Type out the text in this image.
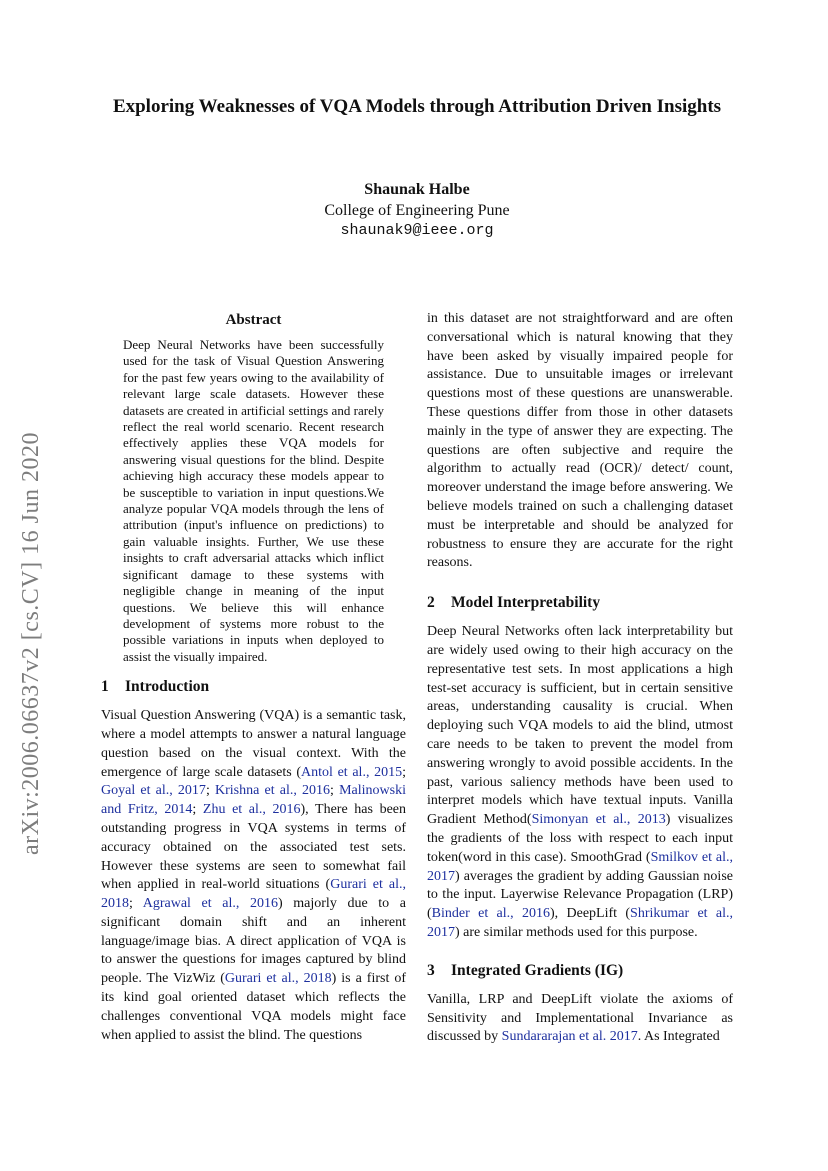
arXiv:2006.06637v2 [cs.CV] 16 Jun 2020
Exploring Weaknesses of VQA Models through Attribution Driven Insights
Shaunak Halbe
College of Engineering Pune
shaunak9@ieee.org
Abstract

Deep Neural Networks have been successfully used for the task of Visual Question Answering for the past few years owing to the availability of relevant large scale datasets. However these datasets are created in artificial settings and rarely reflect the real world scenario. Recent research effectively applies these VQA models for answering visual questions for the blind. Despite achieving high accuracy these models appear to be susceptible to variation in input questions.We analyze popular VQA models through the lens of attribution (input's influence on predictions) to gain valuable insights. Further, We use these insights to craft adversarial attacks which inflict significant damage to these systems with negligible change in meaning of the input questions. We believe this will enhance development of systems more robust to the possible variations in inputs when deployed to assist the visually impaired.

1 Introduction

Visual Question Answering (VQA) is a semantic task, where a model attempts to answer a natural language question based on the visual context. With the emergence of large scale datasets (Antol et al., 2015; Goyal et al., 2017; Krishna et al., 2016; Malinowski and Fritz, 2014; Zhu et al., 2016), There has been outstanding progress in VQA systems in terms of accuracy obtained on the associated test sets. However these systems are seen to somewhat fail when applied in real-world situations (Gurari et al., 2018; Agrawal et al., 2016) majorly due to a significant domain shift and an inherent language/image bias. A direct application of VQA is to answer the questions for images captured by blind people. The VizWiz (Gurari et al., 2018) is a first of its kind goal oriented dataset which reflects the challenges conventional VQA models might face when applied to assist the blind. The questions

in this dataset are not straightforward and are often conversational which is natural knowing that they have been asked by visually impaired people for assistance. Due to unsuitable images or irrelevant questions most of these questions are unanswerable. These questions differ from those in other datasets mainly in the type of answer they are expecting. The questions are often subjective and require the algorithm to actually read (OCR)/ detect/ count, moreover understand the image before answering. We believe models trained on such a challenging dataset must be interpretable and should be analyzed for robustness to ensure they are accurate for the right reasons.

2 Model Interpretability

Deep Neural Networks often lack interpretability but are widely used owing to their high accuracy on the representative test sets. In most applications a high test-set accuracy is sufficient, but in certain sensitive areas, understanding causality is crucial. When deploying such VQA models to aid the blind, utmost care needs to be taken to prevent the model from answering wrongly to avoid possible accidents. In the past, various saliency methods have been used to interpret models which have textual inputs. Vanilla Gradient Method(Simonyan et al., 2013) visualizes the gradients of the loss with respect to each input token(word in this case). SmoothGrad (Smilkov et al., 2017) averages the gradient by adding Gaussian noise to the input. Layerwise Relevance Propagation (LRP) (Binder et al., 2016), DeepLift (Shrikumar et al., 2017) are similar methods used for this purpose.

3 Integrated Gradients (IG)

Vanilla, LRP and DeepLift violate the axioms of Sensitivity and Implementational Invariance as discussed by Sundararajan et al. 2017. As Integrated
